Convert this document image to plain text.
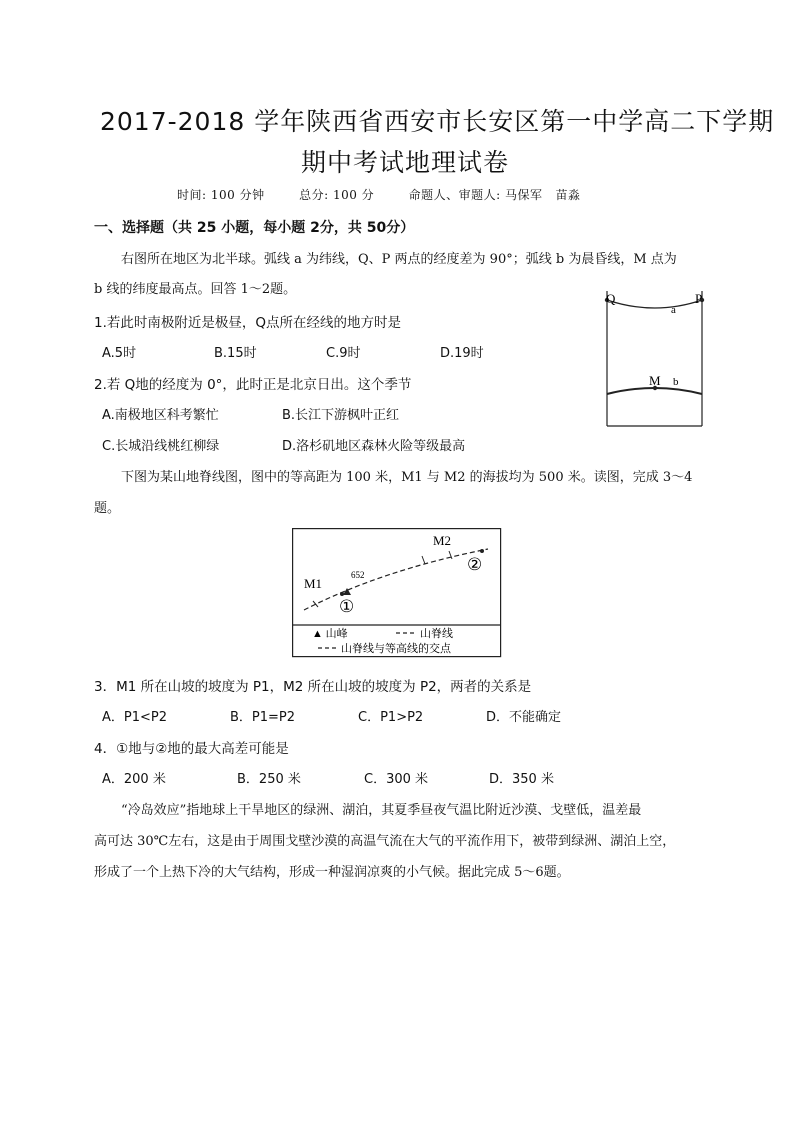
2017-2018 学年陕西省西安市长安区第一中学高二下学期
期中考试地理试卷
时间: 100 分钟        总分: 100 分        命题人、审题人: 马保军   苗淼
一、选择题（共 25 小题，每小题 2分，共 50分）
右图所在地区为北半球。弧线 a 为纬线，Q、P 两点的经度差为 90°；弧线 b 为晨昏线，M 点为
b 线的纬度最高点。回答 1～2题。
1.若此时南极附近是极昼，Q点所在经线的地方时是
A.5时	B.15时	C.9时	D.19时
2.若 Q地的经度为 0°，此时正是北京日出。这个季节
A.南极地区科考繁忙	B.长江下游枫叶正红
C.长城沿线桃红柳绿	D.洛杉矶地区森林火险等级最高
Q	P
a
M b
下图为某山地脊线图，图中的等高距为 100 米，M1 与 M2 的海拔均为 500 米。读图，完成 3～4
题。
M1
M2
652
①
②
▲ 山峰	山脊线
山脊线与等高线的交点
3．M1 所在山坡的坡度为 P1，M2 所在山坡的坡度为 P2，两者的关系是
A．P1<P2	B．P1=P2	C．P1>P2	D．不能确定
4．①地与②地的最大高差可能是
A．200 米	B．250 米	C．300 米	D．350 米
“冷岛效应”指地球上干旱地区的绿洲、湖泊，其夏季昼夜气温比附近沙漠、戈壁低，温差最
高可达 30℃左右，这是由于周围戈壁沙漠的高温气流在大气的平流作用下，被带到绿洲、湖泊上空，
形成了一个上热下冷的大气结构，形成一种湿润凉爽的小气候。据此完成 5～6题。
